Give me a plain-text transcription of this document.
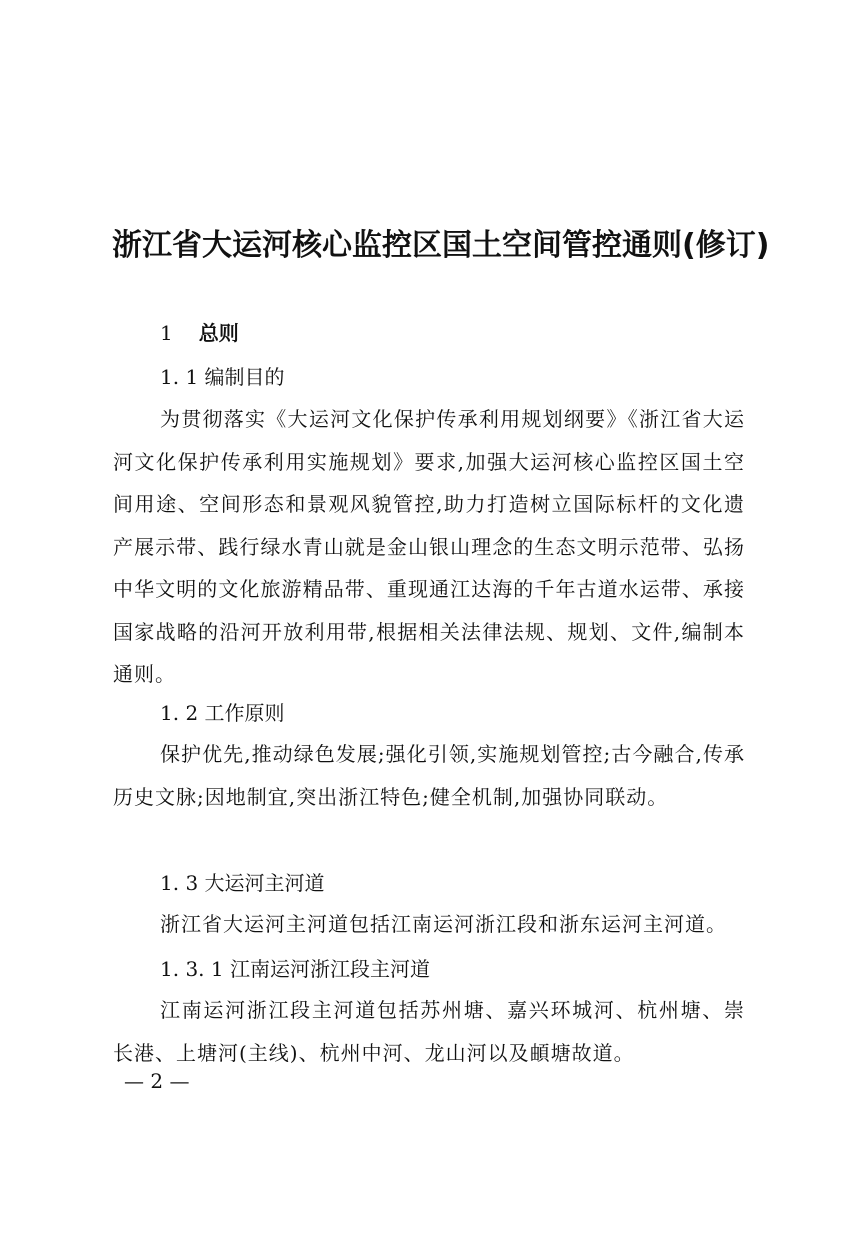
浙江省大运河核心监控区国土空间管控通则(修订)
1 总则
1. 1 编制目的
为贯彻落实《大运河文化保护传承利用规划纲要》《浙江省大运河文化保护传承利用实施规划》要求,加强大运河核心监控区国土空间用途、空间形态和景观风貌管控,助力打造树立国际标杆的文化遗产展示带、践行绿水青山就是金山银山理念的生态文明示范带、弘扬中华文明的文化旅游精品带、重现通江达海的千年古道水运带、承接国家战略的沿河开放利用带,根据相关法律法规、规划、文件,编制本通则。
1. 2 工作原则
保护优先,推动绿色发展;强化引领,实施规划管控;古今融合,传承历史文脉;因地制宜,突出浙江特色;健全机制,加强协同联动。
1. 3 大运河主河道
浙江省大运河主河道包括江南运河浙江段和浙东运河主河道。
1. 3. 1 江南运河浙江段主河道
江南运河浙江段主河道包括苏州塘、嘉兴环城河、杭州塘、崇长港、上塘河(主线)、杭州中河、龙山河以及頔塘故道。
— 2 —
